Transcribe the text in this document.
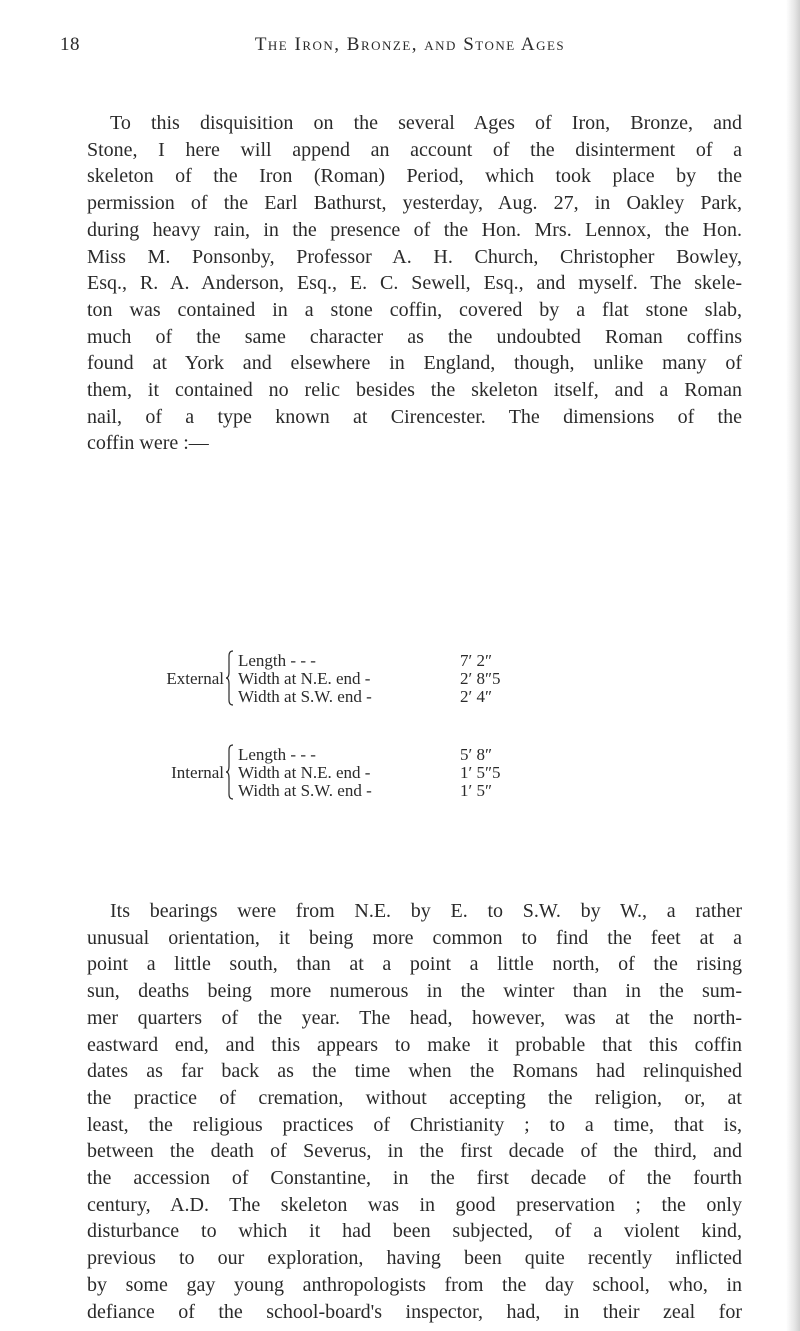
18	The Iron, Bronze, and Stone Ages
To this disquisition on the several Ages of Iron, Bronze, and
Stone, I here will append an account of the disinterment of a
skeleton of the Iron (Roman) Period, which took place by the
permission of the Earl Bathurst, yesterday, Aug. 27, in Oakley Park,
during heavy rain, in the presence of the Hon. Mrs. Lennox, the Hon.
Miss M. Ponsonby, Professor A. H. Church, Christopher Bowley,
Esq., R. A. Anderson, Esq., E. C. Sewell, Esq., and myself. The skele-
ton was contained in a stone coffin, covered by a flat stone slab,
much of the same character as the undoubted Roman coffins
found at York and elsewhere in England, though, unlike many of
them, it contained no relic besides the skeleton itself, and a Roman
nail, of a type known at Cirencester. The dimensions of the
coffin were :—
External
Length - - -	7′ 2″
Width at N.E. end -	2′ 8″5
Width at S.W. end -	2′ 4″
Internal
Length - - -	5′ 8″
Width at N.E. end -	1′ 5″5
Width at S.W. end -	1′ 5″
Its bearings were from N.E. by E. to S.W. by W., a rather
unusual orientation, it being more common to find the feet at a
point a little south, than at a point a little north, of the rising
sun, deaths being more numerous in the winter than in the sum-
mer quarters of the year. The head, however, was at the north-
eastward end, and this appears to make it probable that this coffin
dates as far back as the time when the Romans had relinquished
the practice of cremation, without accepting the religion, or, at
least, the religious practices of Christianity ; to a time, that is,
between the death of Severus, in the first decade of the third, and
the accession of Constantine, in the first decade of the fourth
century, A.D. The skeleton was in good preservation ; the only
disturbance to which it had been subjected, of a violent kind,
previous to our exploration, having been quite recently inflicted
by some gay young anthropologists from the day school, who, in
defiance of the school-board's inspector, had, in their zeal for
